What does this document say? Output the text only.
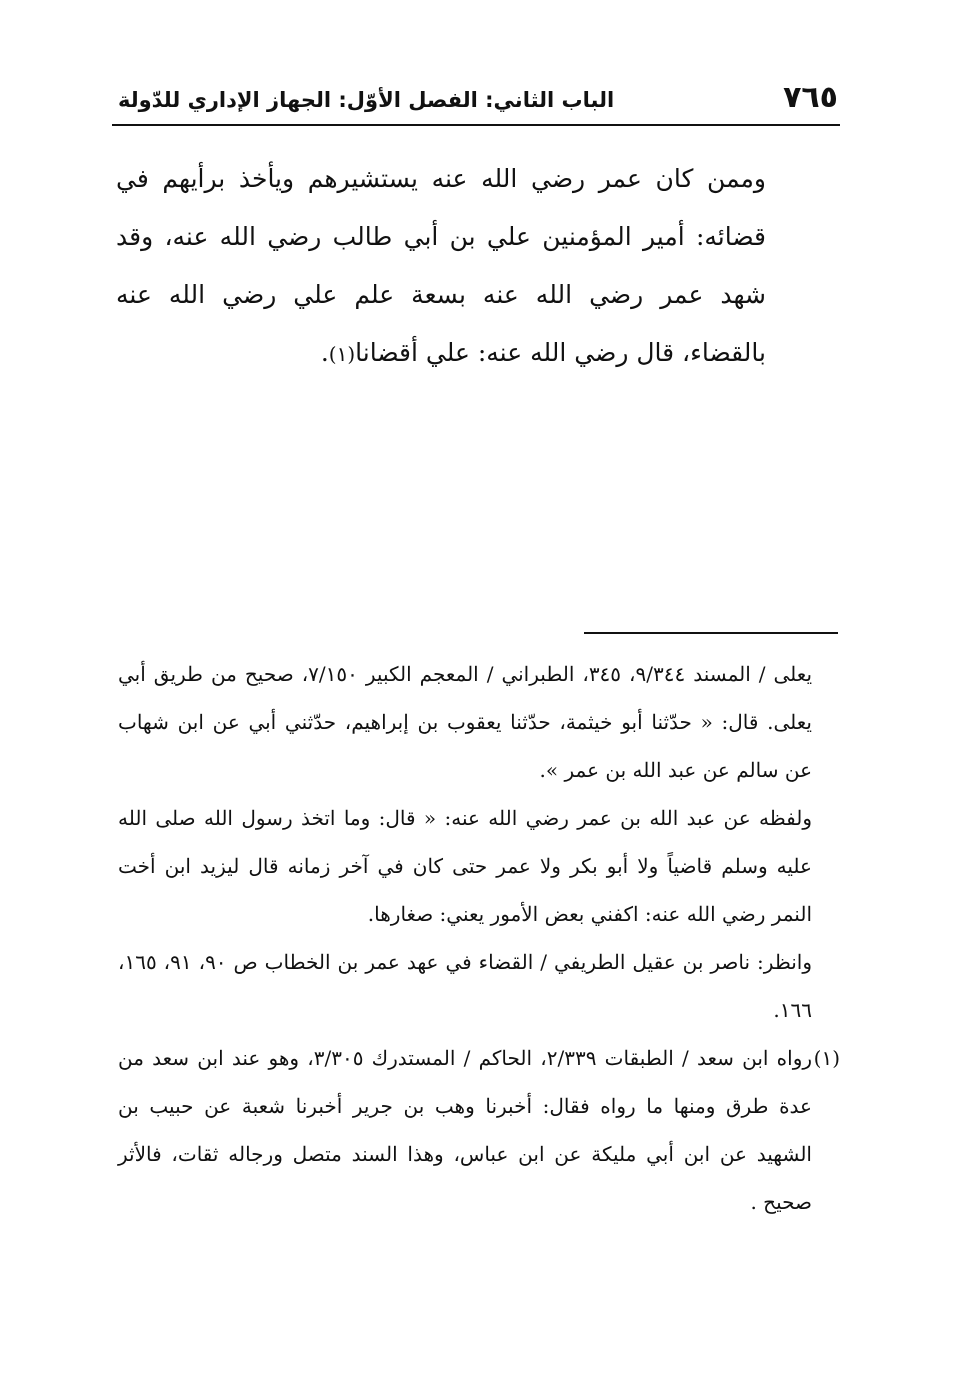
٧٦٥
الباب الثاني: الفصل الأوّل: الجهاز الإداري للدّولة

وممن كان عمر رضي الله عنه يستشيرهم ويأخذ برأيهم في قضائه: أمير المؤمنين علي بن أبي طالب رضي الله عنه، وقد شهد عمر رضي الله عنه بسعة علم علي رضي الله عنه بالقضاء، قال رضي الله عنه: علي أقضانا(١).

يعلى / المسند ٩/٣٤٤، ٣٤٥، الطبراني / المعجم الكبير ٧/١٥٠، صحيح من طريق أبي يعلى. قال: « حدّثنا أبو خيثمة، حدّثنا يعقوب بن إبراهيم، حدّثني أبي عن ابن شهاب عن سالم عن عبد الله بن عمر ».

ولفظه عن عبد الله بن عمر رضي الله عنه: « قال: وما اتخذ رسول الله صلى الله عليه وسلم قاضياً ولا أبو بكر ولا عمر حتى كان في آخر زمانه قال ليزيد ابن أخت النمر رضي الله عنه: اكفني بعض الأمور يعني: صغارها.

وانظر: ناصر بن عقيل الطريفي / القضاء في عهد عمر بن الخطاب ص ٩٠، ٩١، ١٦٥، ١٦٦.

(١)
رواه ابن سعد / الطبقات ٢/٣٣٩، الحاكم / المستدرك ٣/٣٠٥، وهو عند ابن سعد من عدة طرق ومنها ما رواه فقال: أخبرنا وهب بن جرير أخبرنا شعبة عن حبيب بن الشهيد عن ابن أبي مليكة عن ابن عباس، وهذا السند متصل ورجاله ثقات، فالأثر صحيح .
